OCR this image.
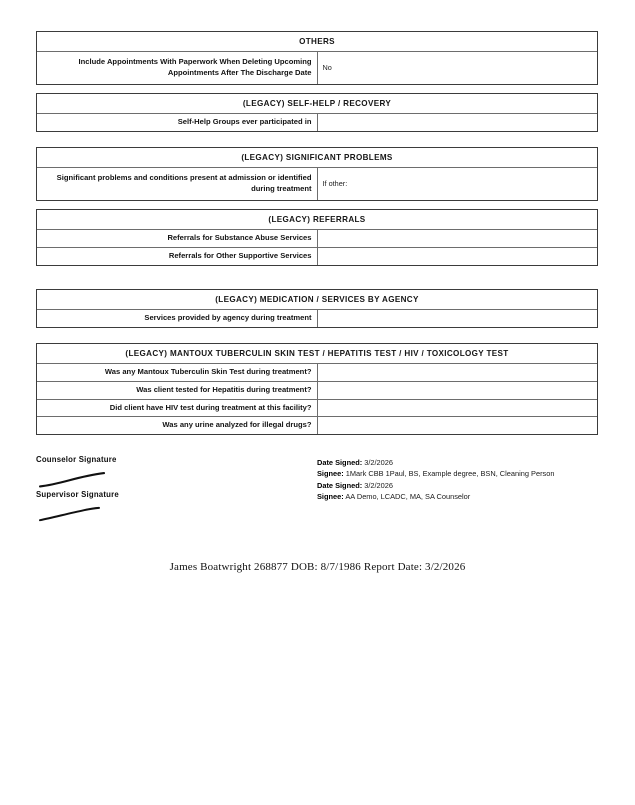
OTHERS
Include Appointments With Paperwork When Deleting Upcoming Appointments After The Discharge Date	No
(LEGACY) SELF-HELP / RECOVERY
Self-Help Groups ever participated in	
(LEGACY) SIGNIFICANT PROBLEMS
Significant problems and conditions present at admission or identified during treatment	If other:
(LEGACY) REFERRALS	
Referrals for Substance Abuse Services	
Referrals for Other Supportive Services	
(LEGACY) MEDICATION / SERVICES BY AGENCY
Services provided by agency during treatment	
(LEGACY) MANTOUX TUBERCULIN SKIN TEST / HEPATITIS TEST / HIV / TOXICOLOGY TEST	
Was any Mantoux Tuberculin Skin Test during treatment?	
Was client tested for Hepatitis during treatment?	
Did client have HIV test during treatment at this facility?	
Was any urine analyzed for illegal drugs?	
Counselor Signature
Supervisor Signature
Date Signed: 3/2/2026
Signee: 1Mark CBB 1Paul, BS, Example degree, BSN, Cleaning Person
Date Signed: 3/2/2026
Signee: AA Demo, LCADC, MA, SA Counselor
James Boatwright 268877 DOB: 8/7/1986 Report Date: 3/2/2026
